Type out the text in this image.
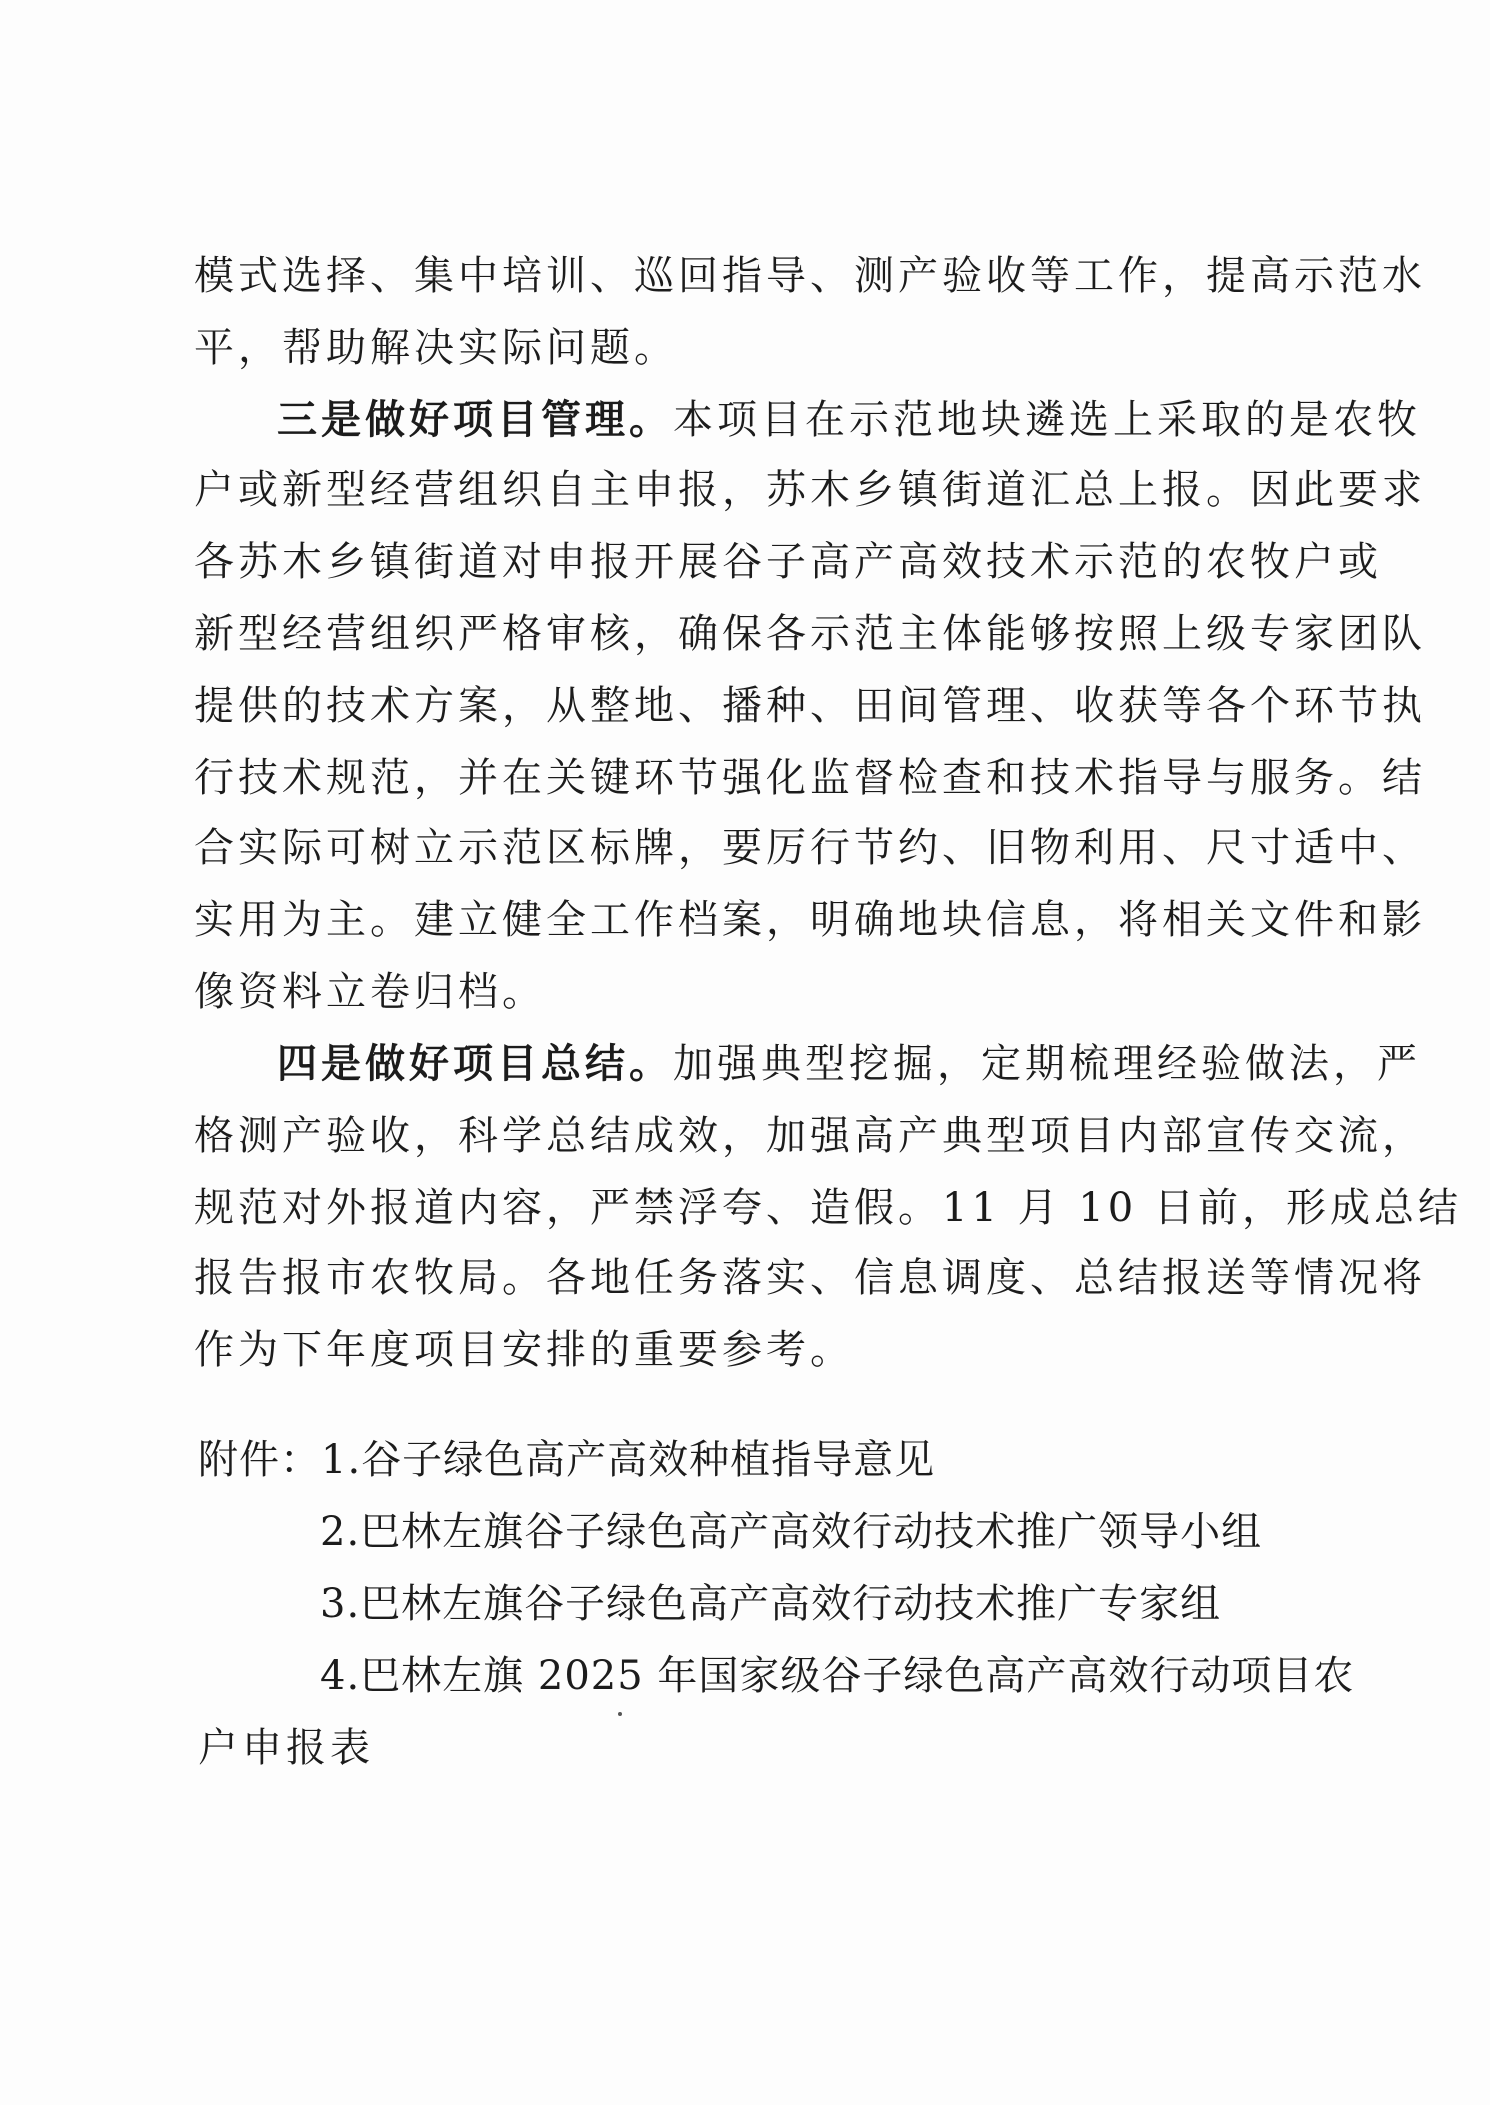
模式选择、集中培训、巡回指导、测产验收等工作，提高示范水
平，帮助解决实际问题。
三是做好项目管理。本项目在示范地块遴选上采取的是农牧
户或新型经营组织自主申报，苏木乡镇街道汇总上报。因此要求
各苏木乡镇街道对申报开展谷子高产高效技术示范的农牧户或
新型经营组织严格审核，确保各示范主体能够按照上级专家团队
提供的技术方案，从整地、播种、田间管理、收获等各个环节执
行技术规范，并在关键环节强化监督检查和技术指导与服务。结
合实际可树立示范区标牌，要厉行节约、旧物利用、尺寸适中、
实用为主。建立健全工作档案，明确地块信息，将相关文件和影
像资料立卷归档。
四是做好项目总结。加强典型挖掘，定期梳理经验做法，严
格测产验收，科学总结成效，加强高产典型项目内部宣传交流，
规范对外报道内容，严禁浮夸、造假。11 月 10 日前，形成总结
报告报市农牧局。各地任务落实、信息调度、总结报送等情况将
作为下年度项目安排的重要参考。
附件：1.谷子绿色高产高效种植指导意见
2.巴林左旗谷子绿色高产高效行动技术推广领导小组
3.巴林左旗谷子绿色高产高效行动技术推广专家组
4.巴林左旗 2025 年国家级谷子绿色高产高效行动项目农
户申报表
